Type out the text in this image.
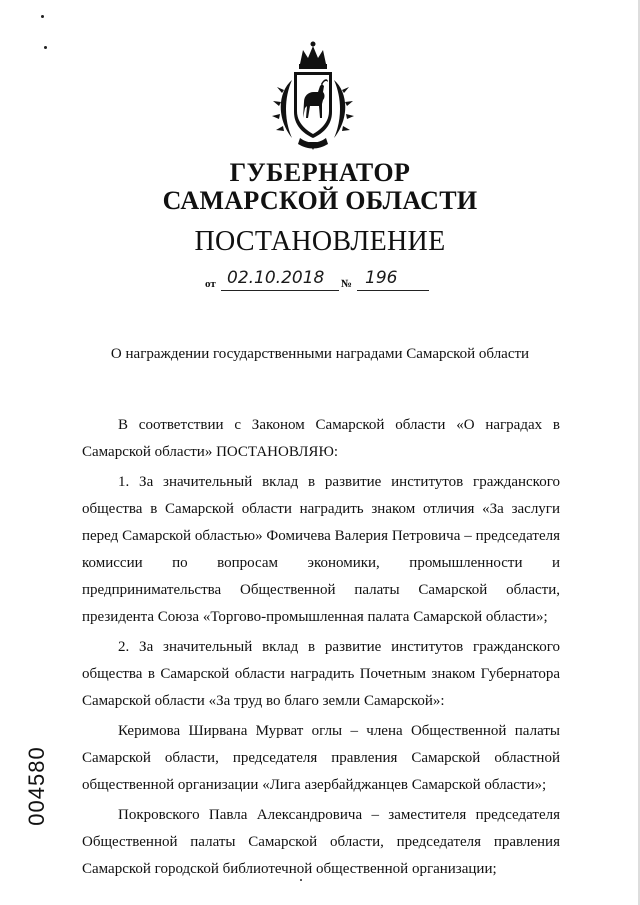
ГУБЕРНАТОР
САМАРСКОЙ ОБЛАСТИ
ПОСТАНОВЛЕНИЕ
от 02.10.2018 № 196
О награждении государственными наградами Самарской области

В соответствии с Законом Самарской области «О наградах в Самарской области» ПОСТАНОВЛЯЮ:

1. За значительный вклад в развитие институтов гражданского общества в Самарской области наградить знаком отличия «За заслуги перед Самарской областью» Фомичева Валерия Петровича – председателя комиссии по вопросам экономики, промышленности и предпринимательства Общественной палаты Самарской области, президента Союза «Торгово-промышленная палата Самарской области»;

2. За значительный вклад в развитие институтов гражданского общества в Самарской области наградить Почетным знаком Губернатора Самарской области «За труд во благо земли Самарской»:

Керимова Ширвана Мурват оглы – члена Общественной палаты Самарской области, председателя правления Самарской областной общественной организации «Лига азербайджанцев Самарской области»;

Покровского Павла Александровича – заместителя председателя Общественной палаты Самарской области, председателя правления Самарской городской библиотечной общественной организации;

004580
